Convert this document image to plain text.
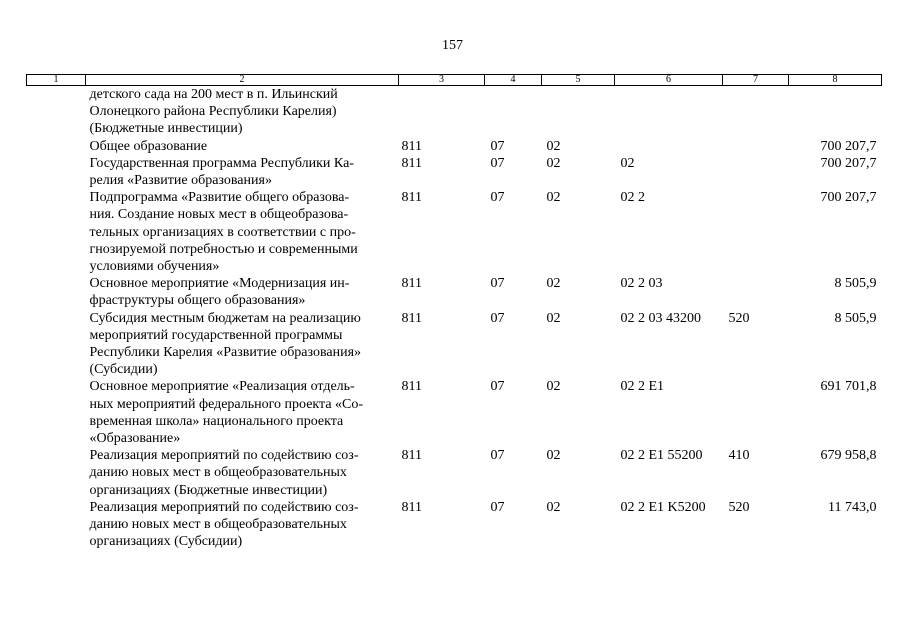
157
1	2	3	4	5	6	7	8

	детского сада на 200 мест в п. Ильинский
Олонецкого района Республики Карелия)
(Бюджетные инвестиции)						

	Общее образование	811	07	02			700 207,7

	Государственная программа Республики Ка-
релия «Развитие образования»	811	07	02	02		700 207,7

	Подпрограмма «Развитие общего образова-
ния. Создание новых мест в общеобразова-
тельных организациях в соответствии с про-
гнозируемой потребностью и современными
условиями обучения»	811	07	02	02 2		700 207,7

	Основное мероприятие «Модернизация ин-
фраструктуры общего образования»	811	07	02	02 2 03		8 505,9

	Субсидия местным бюджетам на реализацию
мероприятий государственной программы
Республики Карелия «Развитие образования»
(Субсидии)	811	07	02	02 2 03 43200	520	8 505,9

	Основное мероприятие «Реализация отдель-
ных мероприятий федерального проекта «Со-
временная школа» национального проекта
«Образование»	811	07	02	02 2 E1		691 701,8

	Реализация мероприятий по содействию соз-
данию новых мест в общеобразовательных
организациях (Бюджетные инвестиции)	811	07	02	02 2 E1 55200	410	679 958,8

	Реализация мероприятий по содействию соз-
данию новых мест в общеобразовательных
организациях (Субсидии)	811	07	02	02 2 E1 K5200	520	11 743,0
